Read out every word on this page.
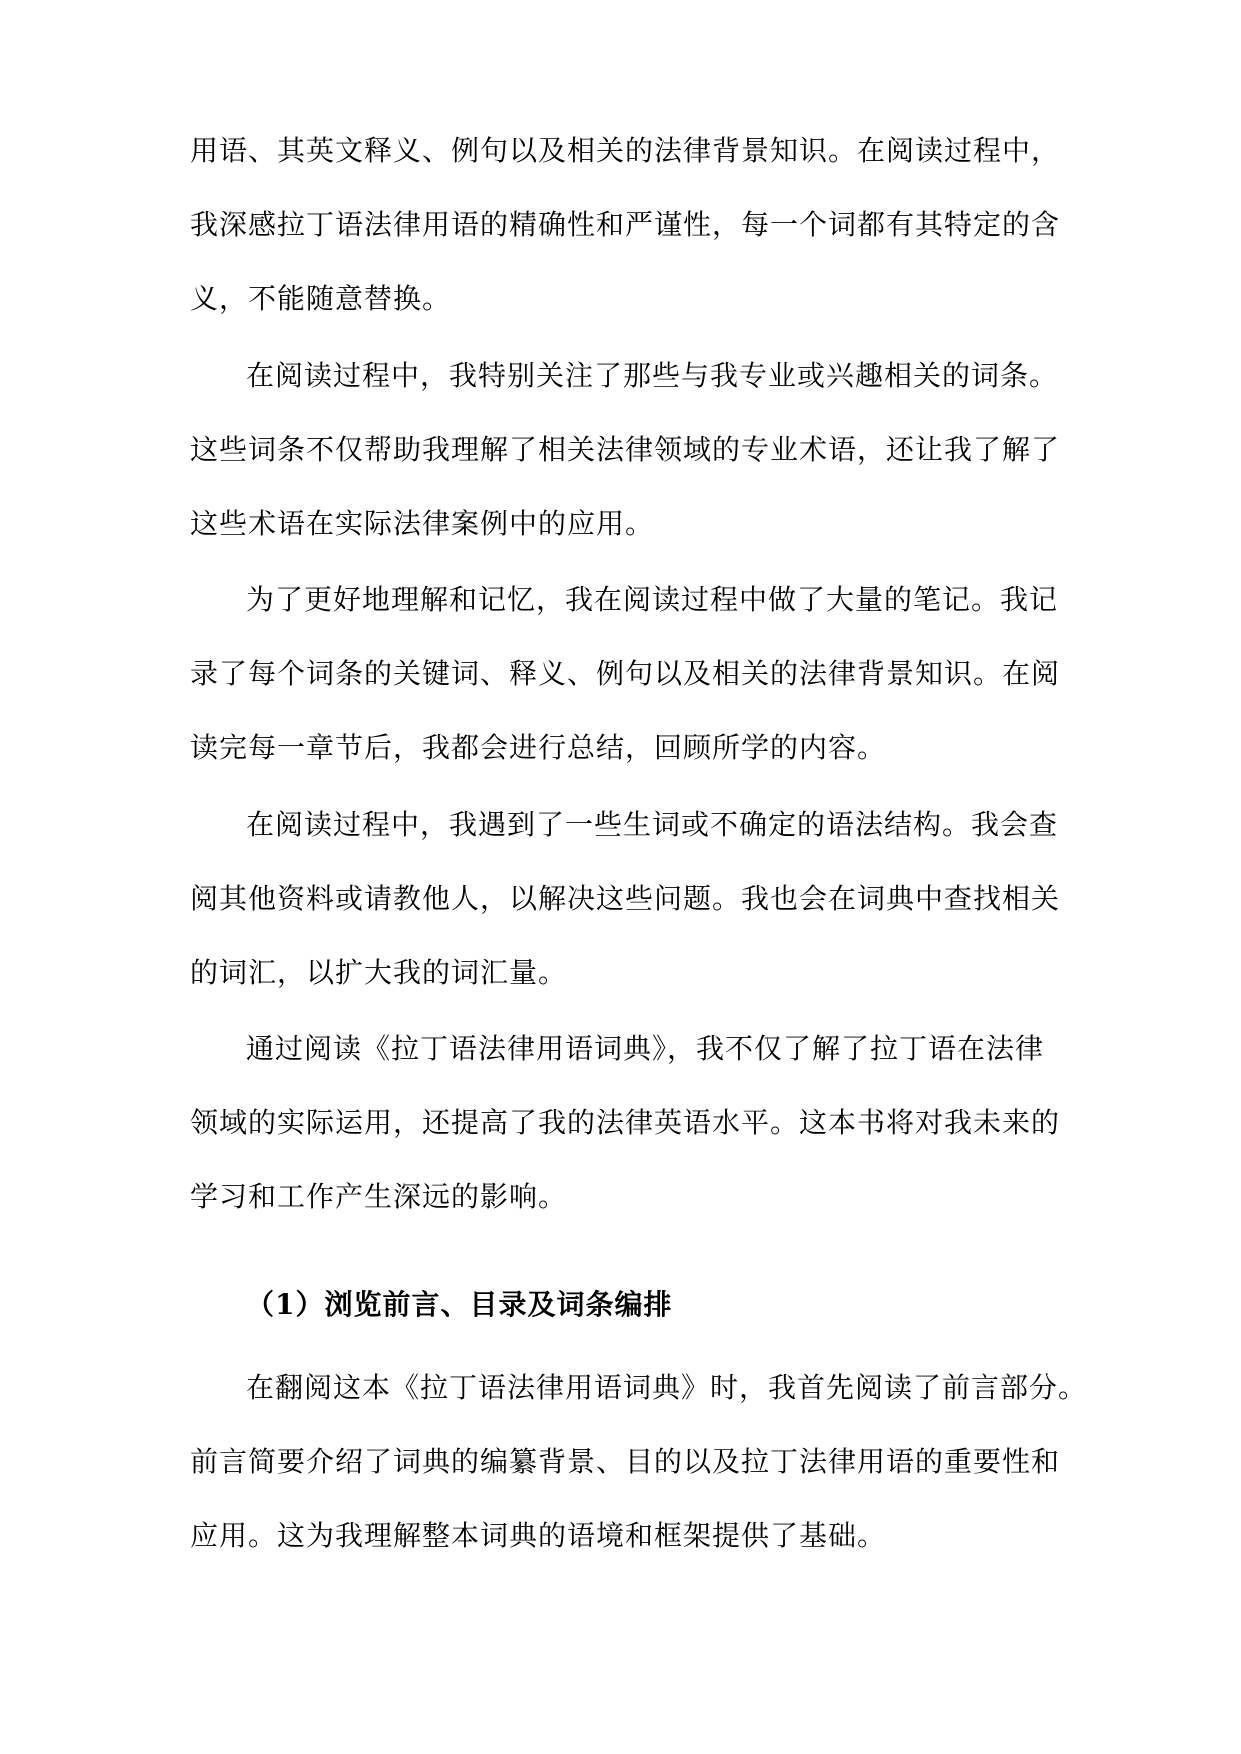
用语、其英文释义、例句以及相关的法律背景知识。在阅读过程中，
我深感拉丁语法律用语的精确性和严谨性，每一个词都有其特定的含
义，不能随意替换。
在阅读过程中，我特别关注了那些与我专业或兴趣相关的词条。
这些词条不仅帮助我理解了相关法律领域的专业术语，还让我了解了
这些术语在实际法律案例中的应用。
为了更好地理解和记忆，我在阅读过程中做了大量的笔记。我记
录了每个词条的关键词、释义、例句以及相关的法律背景知识。在阅
读完每一章节后，我都会进行总结，回顾所学的内容。
在阅读过程中，我遇到了一些生词或不确定的语法结构。我会查
阅其他资料或请教他人，以解决这些问题。我也会在词典中查找相关
的词汇，以扩大我的词汇量。
通过阅读《拉丁语法律用语词典》，我不仅了解了拉丁语在法律
领域的实际运用，还提高了我的法律英语水平。这本书将对我未来的
学习和工作产生深远的影响。
（1）浏览前言、目录及词条编排
在翻阅这本《拉丁语法律用语词典》时，我首先阅读了前言部分。
前言简要介绍了词典的编纂背景、目的以及拉丁法律用语的重要性和
应用。这为我理解整本词典的语境和框架提供了基础。
